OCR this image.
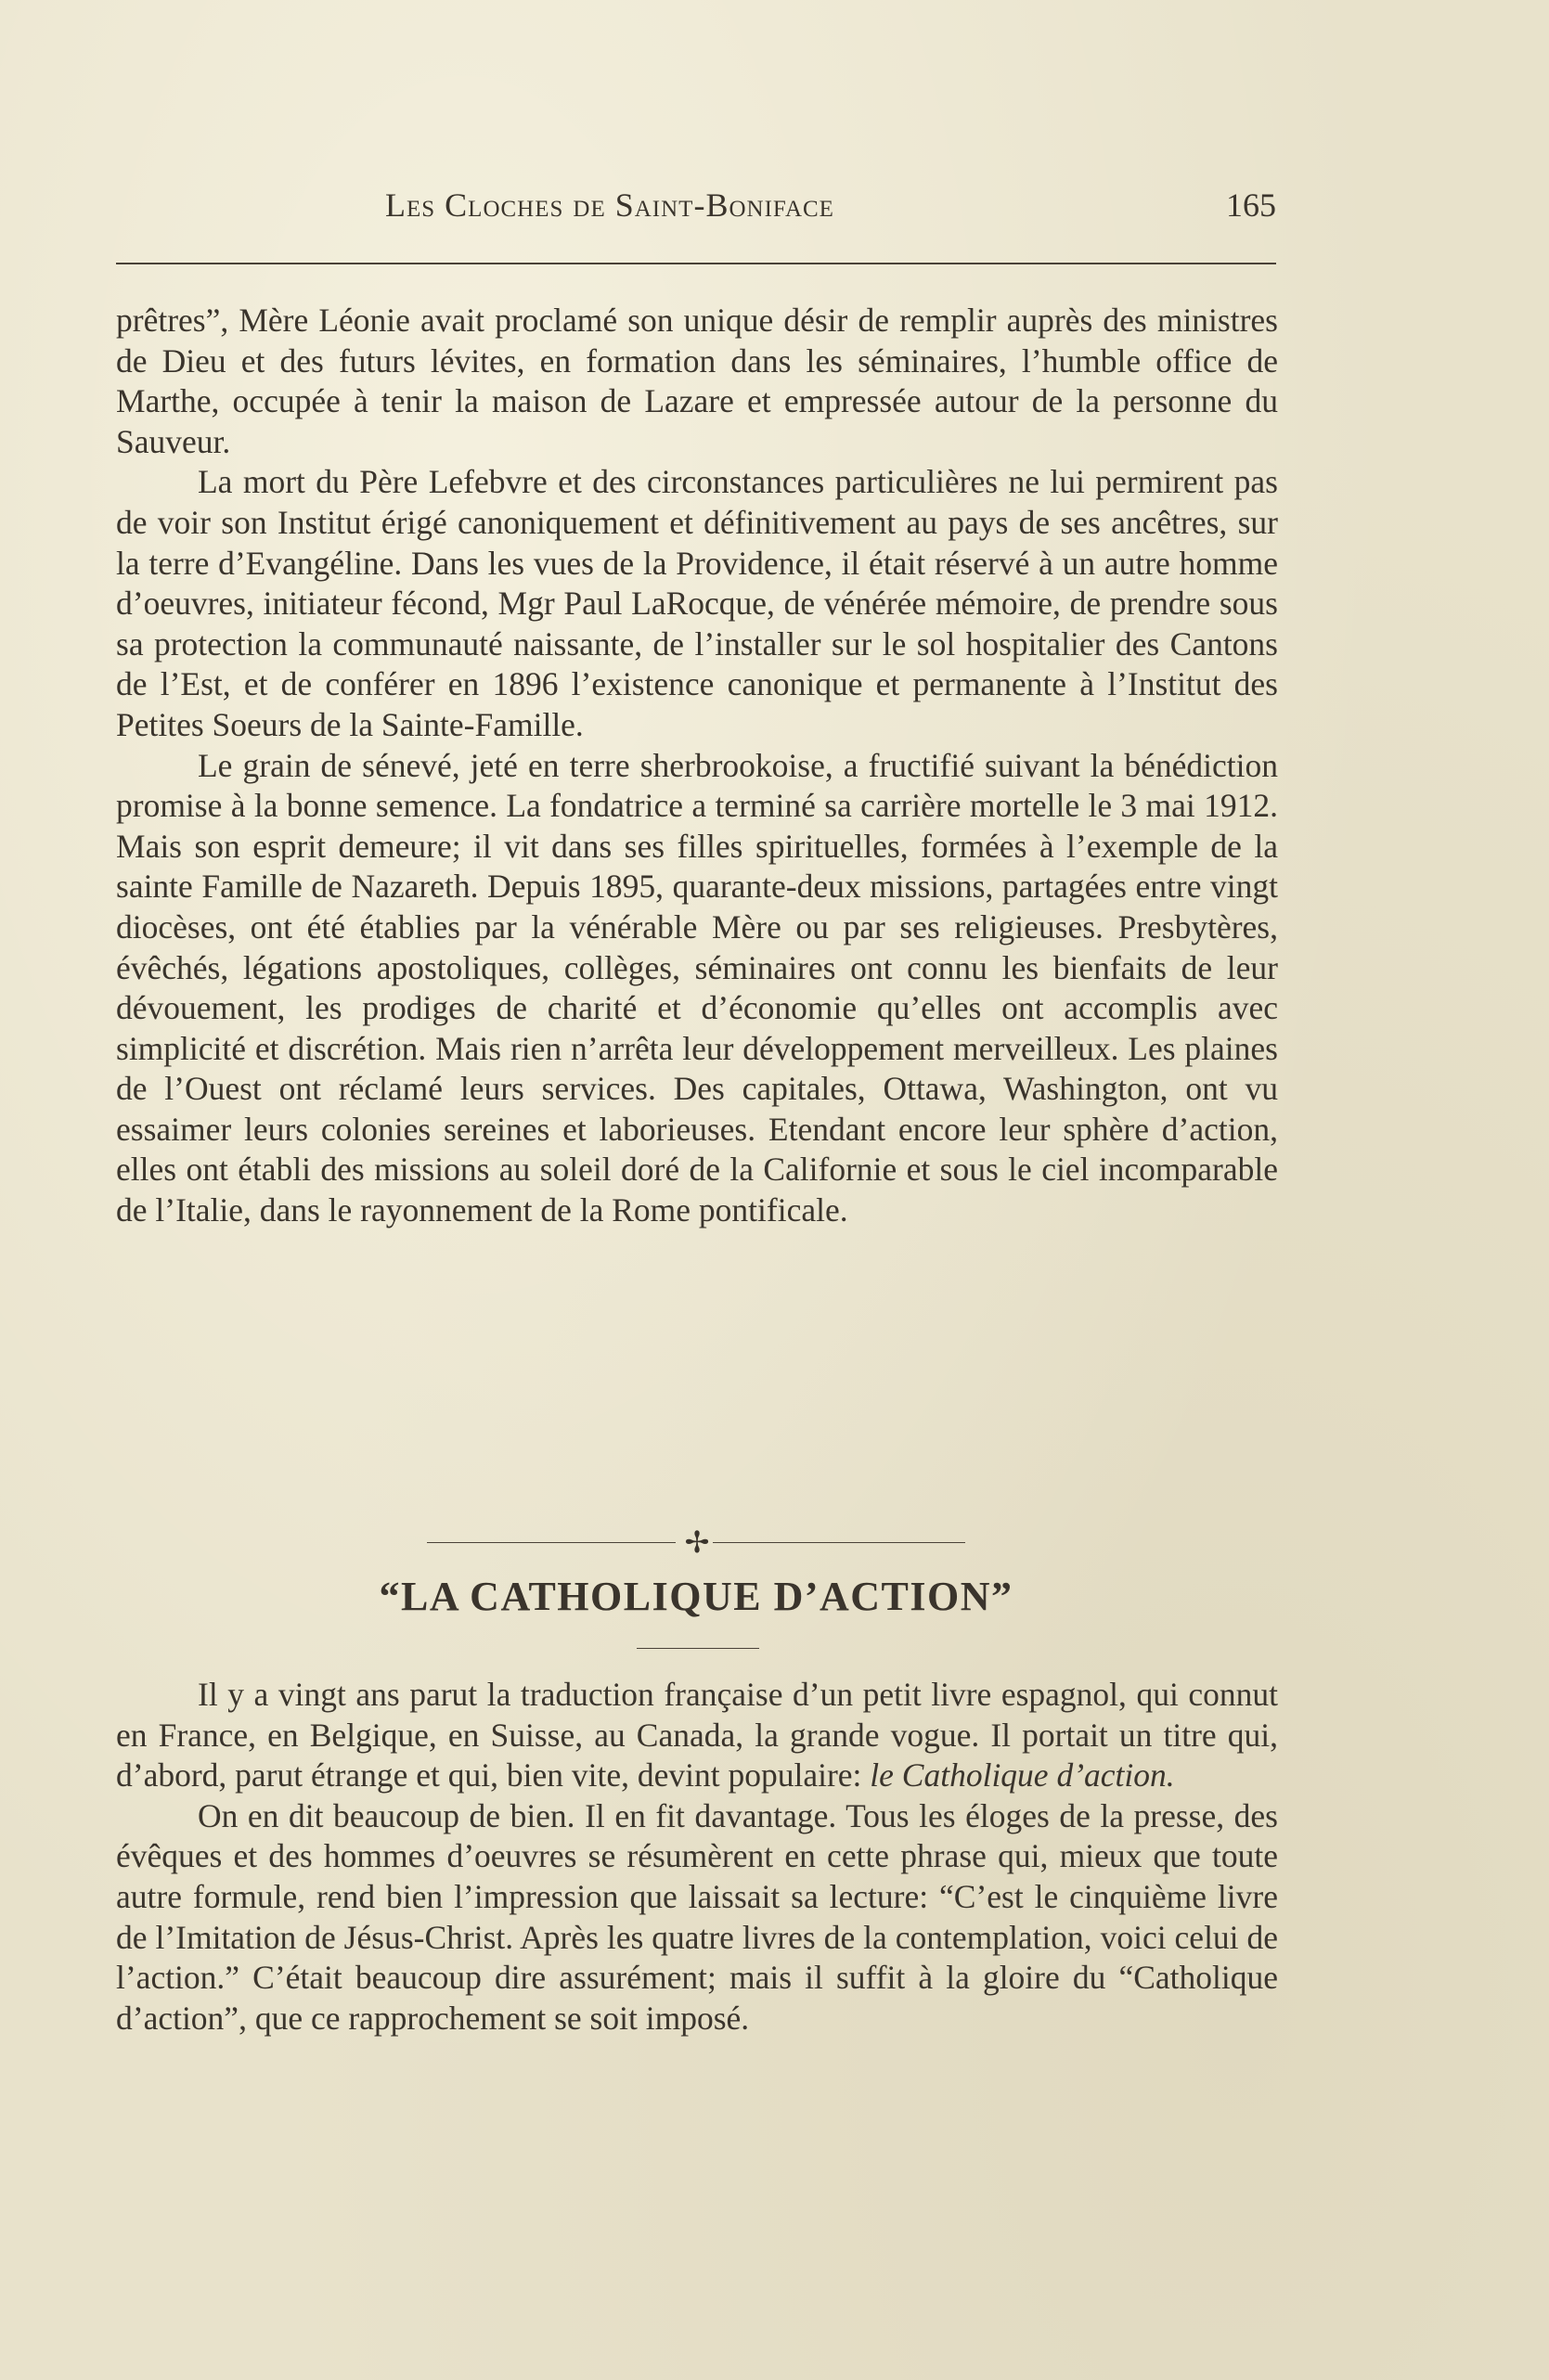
Les Cloches de Saint-Boniface	165

prêtres”, Mère Léonie avait proclamé son unique désir de remplir auprès des ministres de Dieu et des futurs lévites, en formation dans les séminaires, l’humble office de Marthe, occupée à tenir la maison de Lazare et empressée autour de la personne du Sauveur.

La mort du Père Lefebvre et des circonstances particulières ne lui permirent pas de voir son Institut érigé canoniquement et définitivement au pays de ses ancêtres, sur la terre d’Evangéline. Dans les vues de la Providence, il était réservé à un autre homme d’oeuvres, initiateur fécond, Mgr Paul LaRocque, de vénérée mémoire, de prendre sous sa protection la communauté naissante, de l’installer sur le sol hospitalier des Cantons de l’Est, et de conférer en 1896 l’existence canonique et permanente à l’Institut des Petites Soeurs de la Sainte-Famille.

Le grain de sénevé, jeté en terre sherbrookoise, a fructifié suivant la bénédiction promise à la bonne semence. La fondatrice a terminé sa carrière mortelle le 3 mai 1912. Mais son esprit demeure; il vit dans ses filles spirituelles, formées à l’exemple de la sainte Famille de Nazareth. Depuis 1895, quarante-deux missions, partagées entre vingt diocèses, ont été établies par la vénérable Mère ou par ses religieuses. Presbytères, évêchés, légations apostoliques, collèges, séminaires ont connu les bienfaits de leur dévouement, les prodiges de charité et d’économie qu’elles ont accomplis avec simplicité et discrétion. Mais rien n’arrêta leur développement merveilleux. Les plaines de l’Ouest ont réclamé leurs services. Des capitales, Ottawa, Washington, ont vu essaimer leurs colonies sereines et laborieuses. Etendant encore leur sphère d’action, elles ont établi des missions au soleil doré de la Californie et sous le ciel incomparable de l’Italie, dans le rayonnement de la Rome pontificale.

✢
“LA CATHOLIQUE D’ACTION”

Il y a vingt ans parut la traduction française d’un petit livre espagnol, qui connut en France, en Belgique, en Suisse, au Canada, la grande vogue. Il portait un titre qui, d’abord, parut étrange et qui, bien vite, devint populaire: le Catholique d’action.

On en dit beaucoup de bien. Il en fit davantage. Tous les éloges de la presse, des évêques et des hommes d’oeuvres se résumèrent en cette phrase qui, mieux que toute autre formule, rend bien l’impression que laissait sa lecture: “C’est le cinquième livre de l’Imitation de Jésus-Christ. Après les quatre livres de la contemplation, voici celui de l’action.” C’était beaucoup dire assurément; mais il suffit à la gloire du “Catholique d’action”, que ce rapprochement se soit imposé.
